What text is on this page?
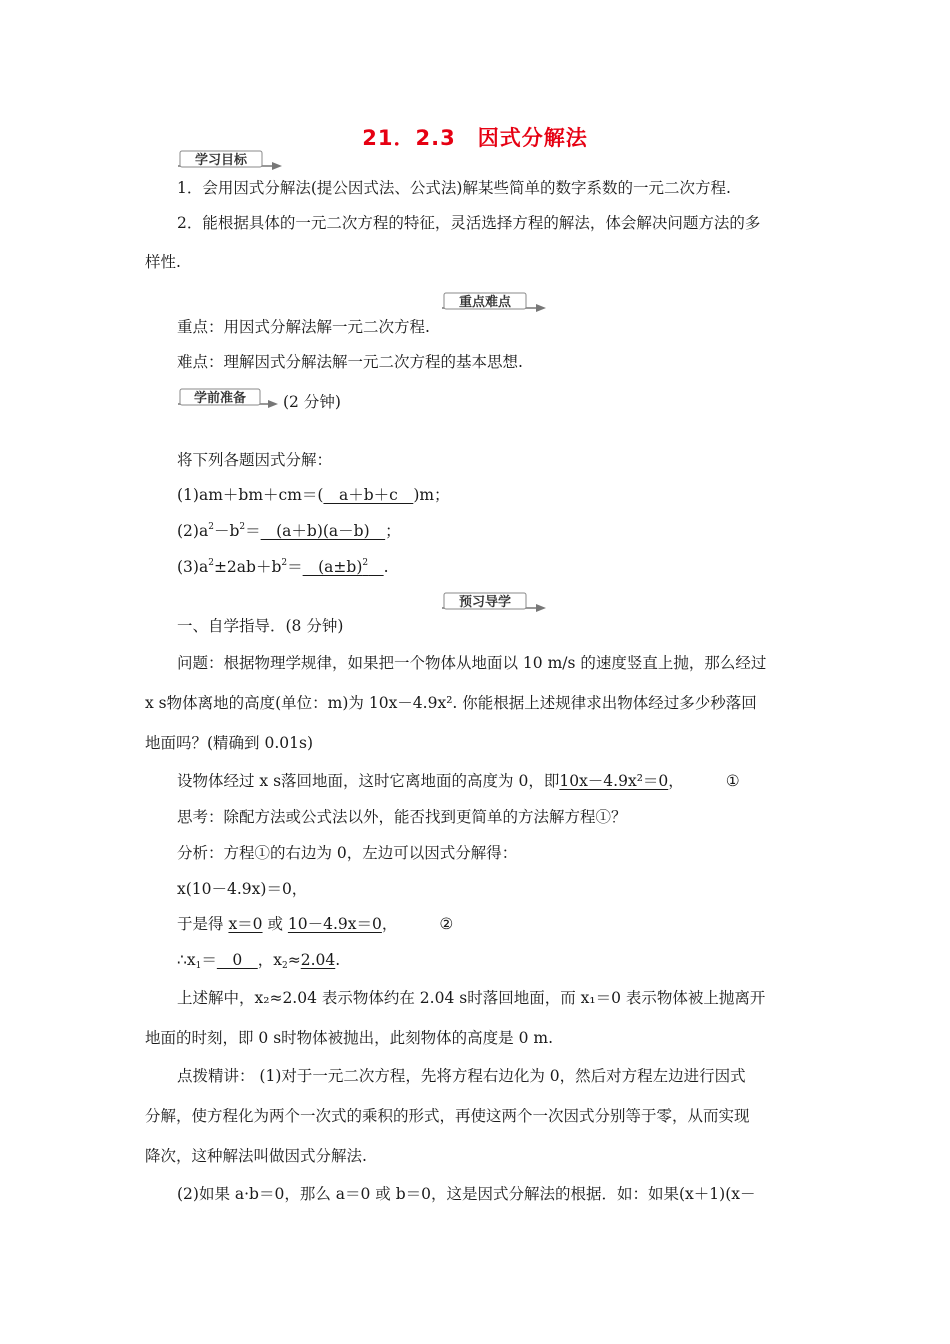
21．2.3　因式分解法
学习目标
1．会用因式分解法(提公因式法、公式法)解某些简单的数字系数的一元二次方程.
2．能根据具体的一元二次方程的特征，灵活选择方程的解法，体会解决问题方法的多
样性.
重点难点
重点：用因式分解法解一元二次方程.
难点：理解因式分解法解一元二次方程的基本思想.
学前准备 (2 分钟)
将下列各题因式分解：
(1)am＋bm＋cm＝(　a＋b＋c　)m；
$(2)a^2-b^2=$　(a＋b)(a－b)　；
$(3)a^2\pm 2ab+b^2=$　$(a\pm b)^2$　 .
预习导学
一、自学指导．(8 分钟)
问题：根据物理学规律，如果把一个物体从地面以 10 m/s 的速度竖直上抛，那么经过
x s物体离地的高度(单位：m)为 10x－4.9x². 你能根据上述规律求出物体经过多少秒落回
地面吗？(精确到 0.01s)
设物体经过 x s落回地面，这时它离地面的高度为 0，即10x－4.9x²＝0，	①
思考：除配方法或公式法以外，能否找到更简单的方法解方程①？
分析：方程①的右边为 0，左边可以因式分解得：
x(10－4.9x)＝0，
于是得 x＝0 或 10－4.9x＝0，	②
$\therefore x_1=$　0　，$x_2\approx 2.04$.
上述解中，x₂≈2.04 表示物体约在 2.04 s时落回地面，而 x₁＝0 表示物体被上抛离开
地面的时刻，即 0 s时物体被抛出，此刻物体的高度是 0 m.
点拨精讲： (1)对于一元二次方程，先将方程右边化为 0，然后对方程左边进行因式
分解，使方程化为两个一次式的乘积的形式，再使这两个一次因式分别等于零，从而实现
降次，这种解法叫做因式分解法.
(2)如果 a·b＝0，那么 a＝0 或 b＝0，这是因式分解法的根据．如：如果(x＋1)(x－
